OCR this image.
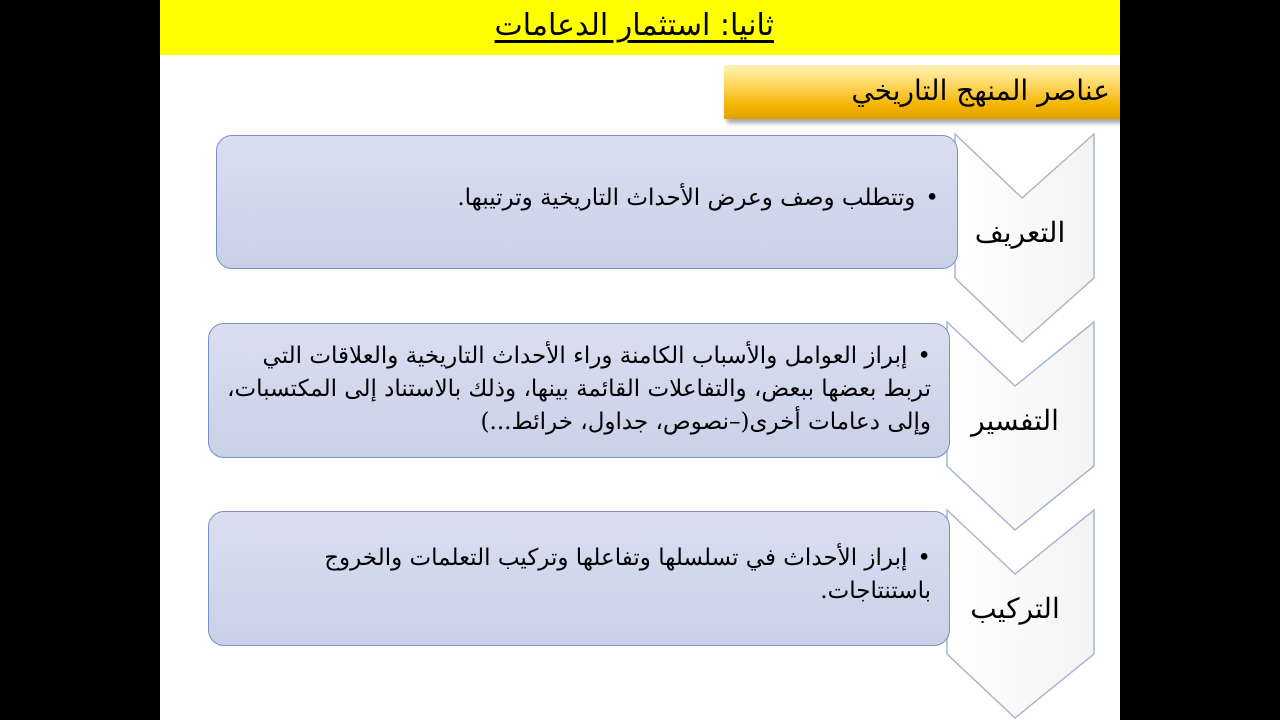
ثانيا: استثمار الدعامات
عناصر المنهج التاريخي
•وتتطلب وصف وعرض الأحداث التاريخية وترتيبها.
التعريف
•إبراز العوامل والأسباب الكامنة وراء الأحداث التاريخية والعلاقات التي تربط بعضها ببعض، والتفاعلات القائمة بينها، وذلك بالاستناد إلى المكتسبات، وإلى دعامات أخرى(–نصوص، جداول، خرائط...)	التفسير
•إبراز الأحداث في تسلسلها وتفاعلها وتركيب التعلمات والخروج باستنتاجات.
التركيب
